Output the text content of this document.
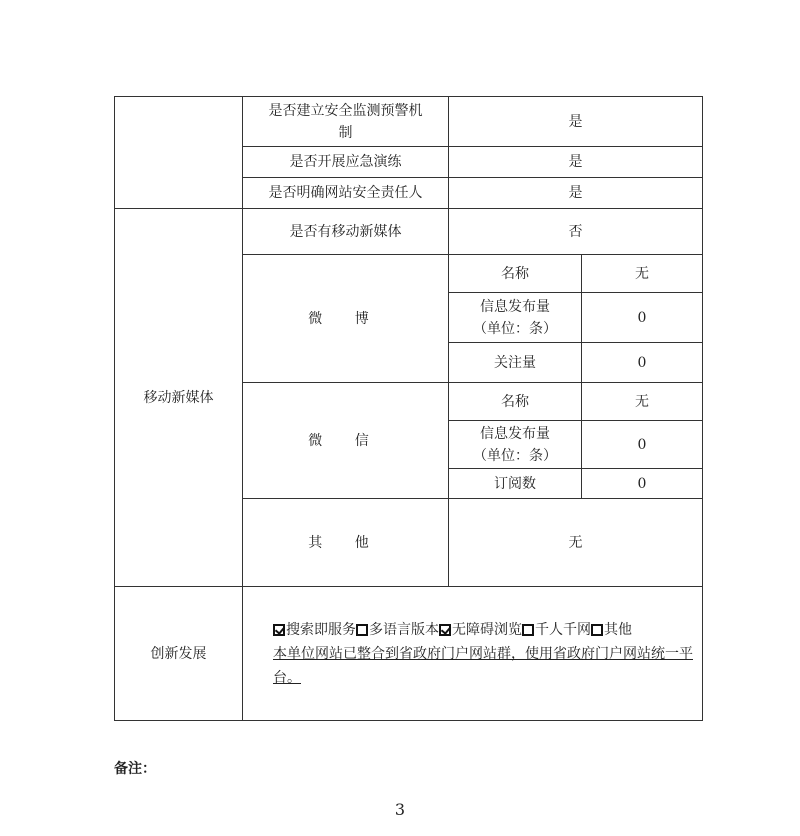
	是否建立安全监测预警机制	是	
	是否开展应急演练	是	
	是否明确网站安全责任人	是	
移动新媒体	是否有移动新媒体	否	
	微 博	名称	无
		信息发布量（单位：条）	0
		关注量	0
	微 信	名称	无
		信息发布量（单位：条）	0
		订阅数	0
	其 他	无	
创新发展	搜索即服务 多语言版本 无障碍浏览 千人千网 其他
本单位网站已整合到省政府门户网站群，使用省政府门户网站统一平台。		
备注：
3
